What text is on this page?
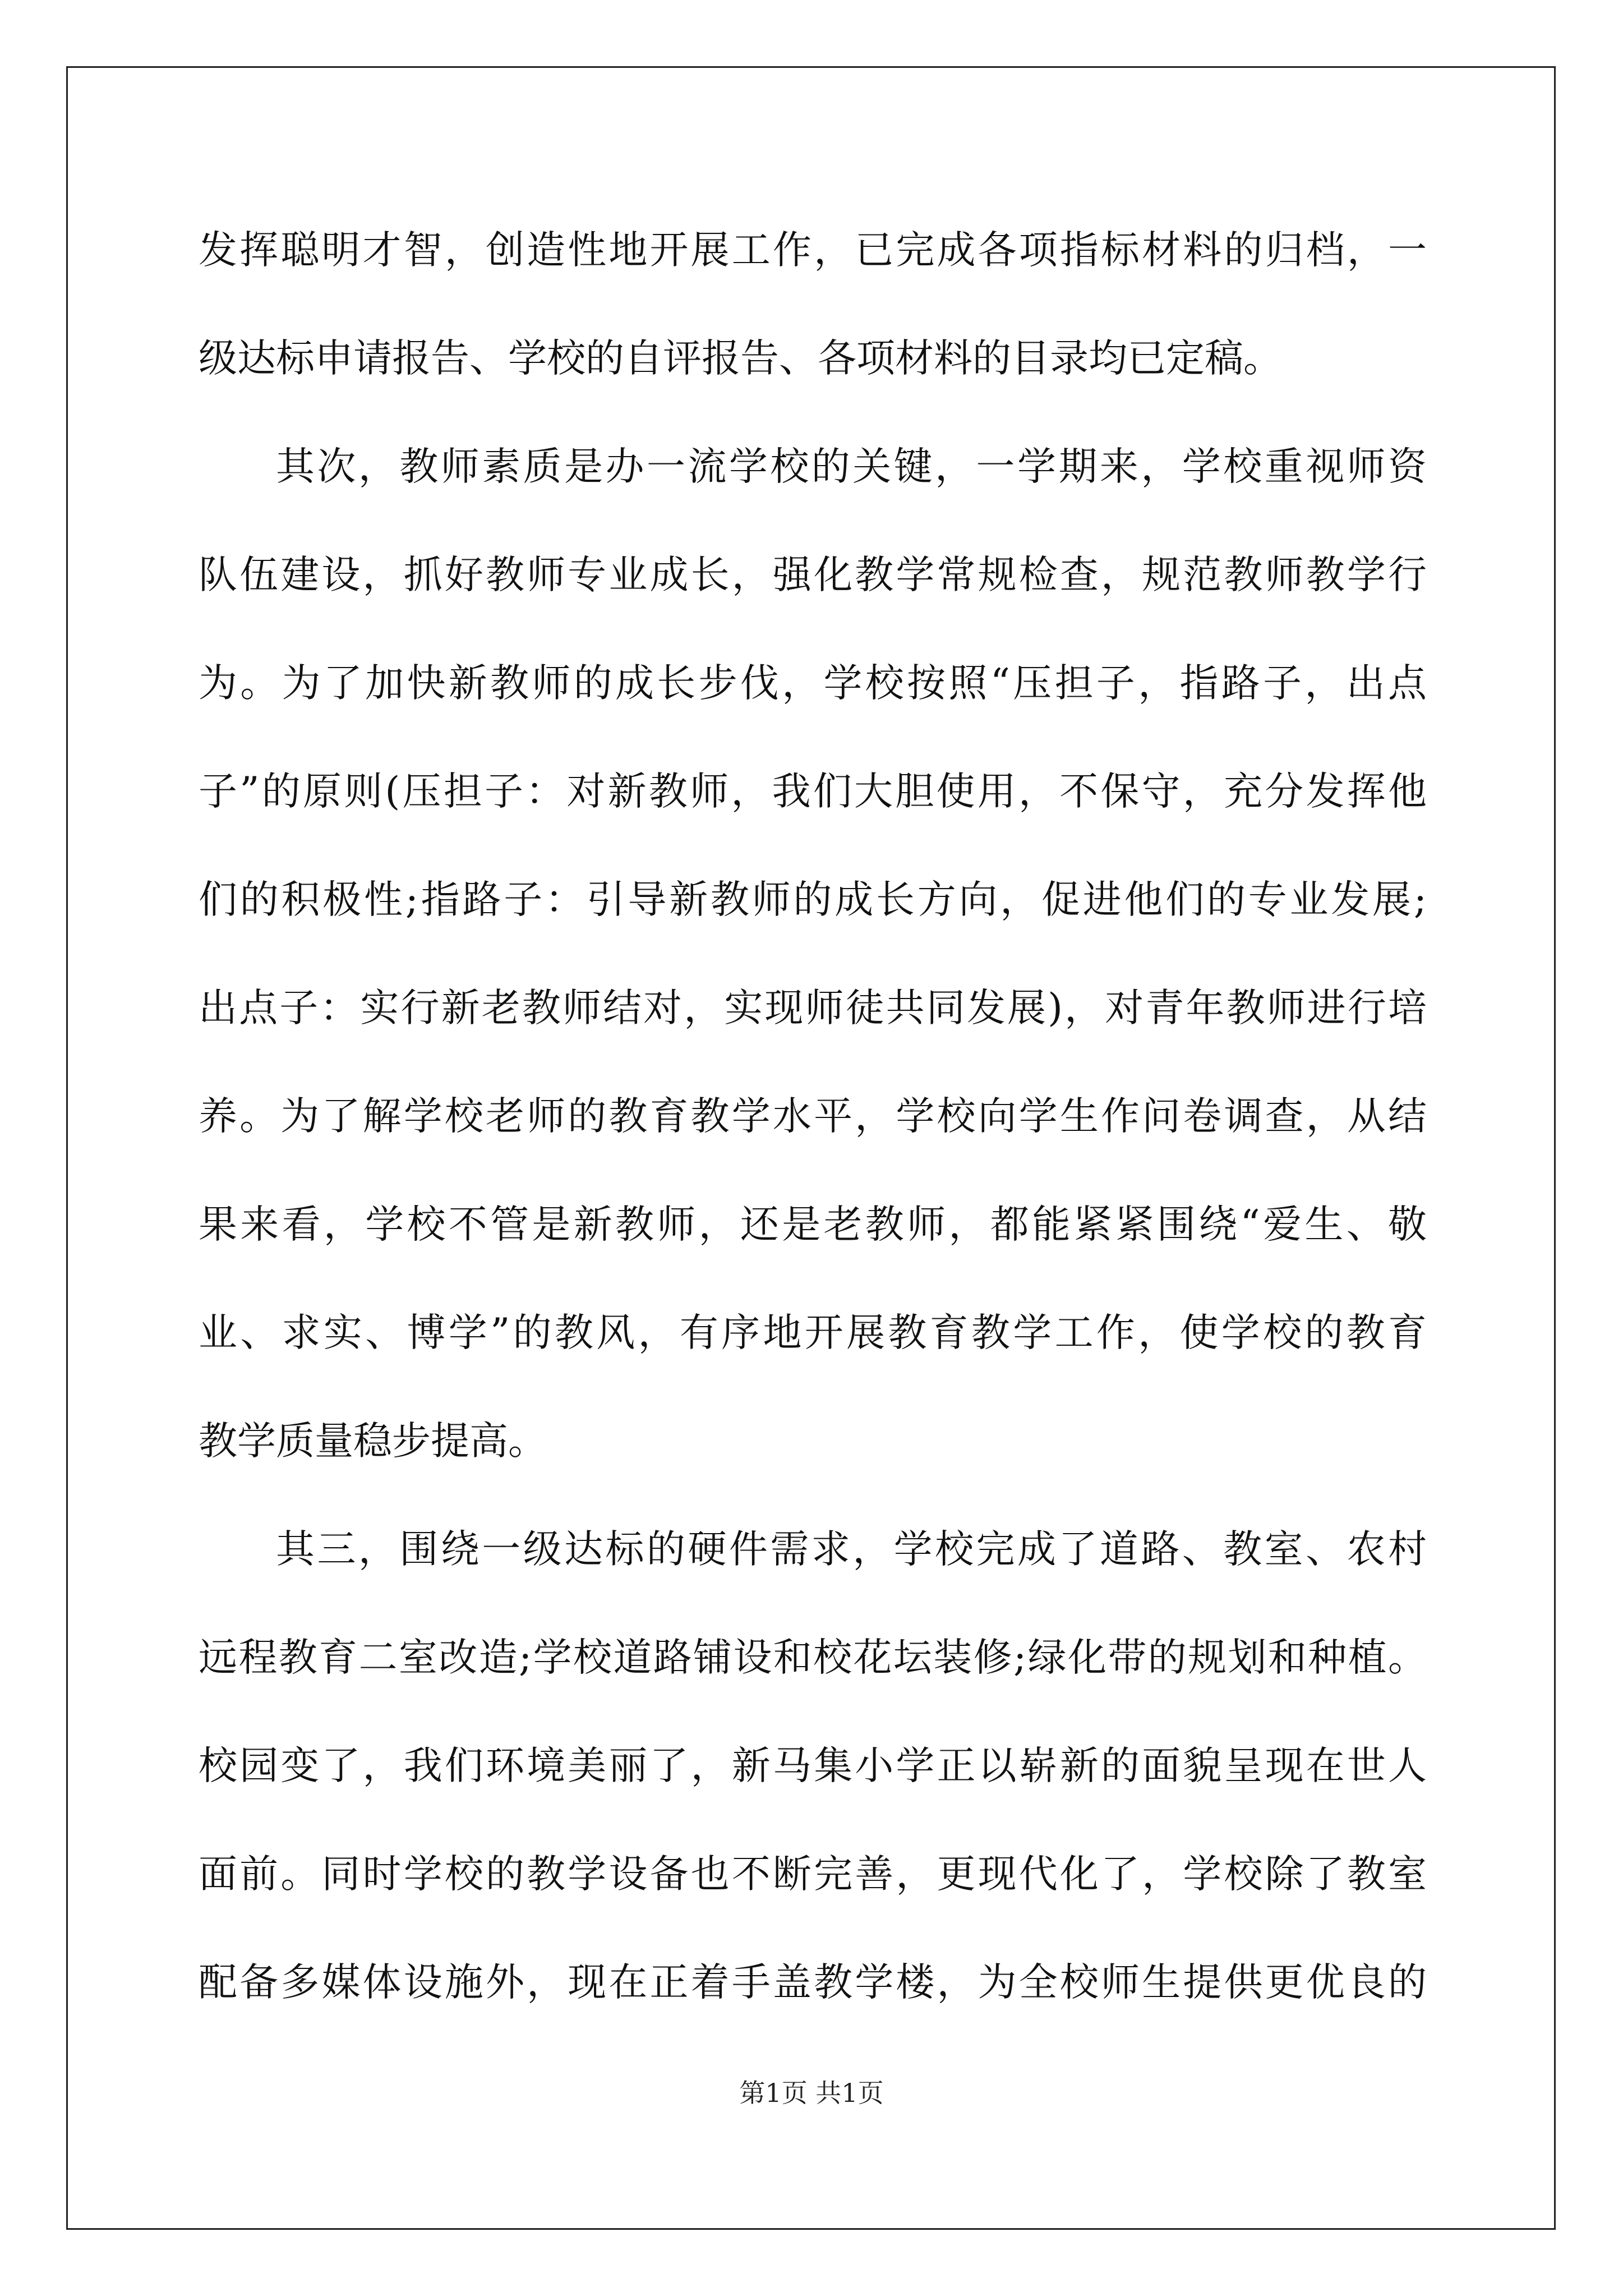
发挥聪明才智，创造性地开展工作，已完成各项指标材料的归档，一
级达标申请报告、学校的自评报告、各项材料的目录均已定稿。

其次，教师素质是办一流学校的关键，一学期来，学校重视师资
队伍建设，抓好教师专业成长，强化教学常规检查，规范教师教学行
为。为了加快新教师的成长步伐，学校按照“压担子，指路子，出点
子”的原则(压担子：对新教师，我们大胆使用，不保守，充分发挥他
们的积极性;指路子：引导新教师的成长方向，促进他们的专业发展;
出点子：实行新老教师结对，实现师徒共同发展)，对青年教师进行培
养。为了解学校老师的教育教学水平，学校向学生作问卷调查，从结
果来看，学校不管是新教师，还是老教师，都能紧紧围绕“爱生、敬
业、求实、博学”的教风，有序地开展教育教学工作，使学校的教育
教学质量稳步提高。

其三，围绕一级达标的硬件需求，学校完成了道路、教室、农村
远程教育二室改造;学校道路铺设和校花坛装修;绿化带的规划和种植。
校园变了，我们环境美丽了，新马集小学正以崭新的面貌呈现在世人
面前。同时学校的教学设备也不断完善，更现代化了，学校除了教室
配备多媒体设施外，现在正着手盖教学楼，为全校师生提供更优良的

第1页 共1页
